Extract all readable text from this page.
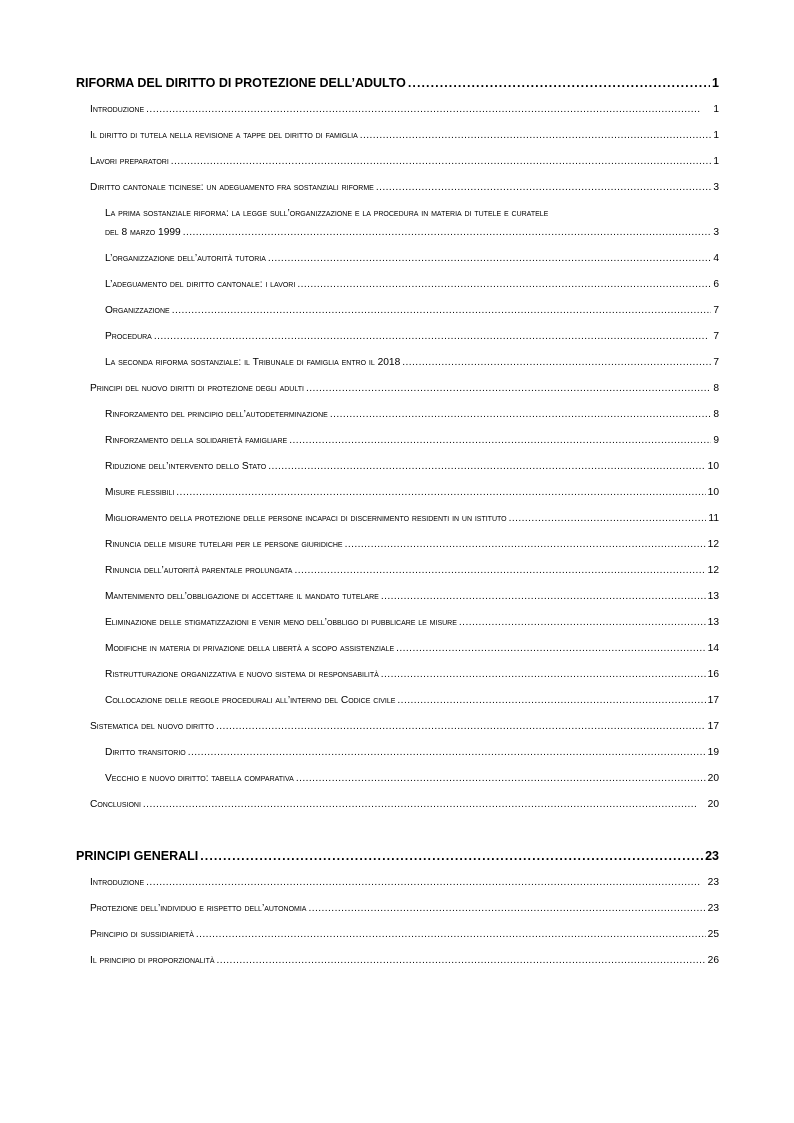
RIFORMA DEL DIRITTO DI PROTEZIONE DELL’ADULTO . . .	1
Introduzione . . .	1
Il diritto di tutela nella revisione a tappe del diritto di famiglia . . .	1
Lavori preparatori . . .	1
Diritto cantonale ticinese: un adeguamento fra sostanziali riforme . . .	3
La prima sostanziale riforma: la legge sull’organizzazione e la procedura in materia di tutele e curatele
del 8 marzo 1999 . . .	3
L’organizzazione dell’autorità tutoria . . .	4
L’adeguamento del diritto cantonale: i lavori . . .	6
Organizzazione . . .	7
Procedura . . .	7
La seconda riforma sostanziale: il Tribunale di famiglia entro il 2018 . . .	7
Principi del nuovo diritti di protezione degli adulti . . .	8
Rinforzamento del principio dell’autodeterminazione . . .	8
Rinforzamento della solidarietà famigliare . . .	9
Riduzione dell’intervento dello Stato . . .	10
Misure flessibili . . .	10
Miglioramento della protezione delle persone incapaci di discernimento residenti in un istituto . . .	11
Rinuncia delle misure tutelari per le persone giuridiche . . .	12
Rinuncia dell’autorità parentale prolungata . . .	12
Mantenimento dell’obbligazione di accettare il mandato tutelare . . .	13
Eliminazione delle stigmatizzazioni e venir meno dell’obbligo di pubblicare le misure . . .	13
Modifiche in materia di privazione della libertà a scopo assistenziale . . .	14
Ristrutturazione organizzativa e nuovo sistema di responsabilità . . .	16
Collocazione delle regole procedurali all’interno del Codice civile . . .	17
Sistematica del nuovo diritto . . .	17
Diritto transitorio . . .	19
Vecchio e nuovo diritto: tabella comparativa . . .	20
Conclusioni . . .	20
PRINCIPI GENERALI . . .	23
Introduzione . . .	23
Protezione dell’individuo e rispetto dell’autonomia . . .	23
Principio di sussidiarietà . . .	25
Il principio di proporzionalità . . .	26
